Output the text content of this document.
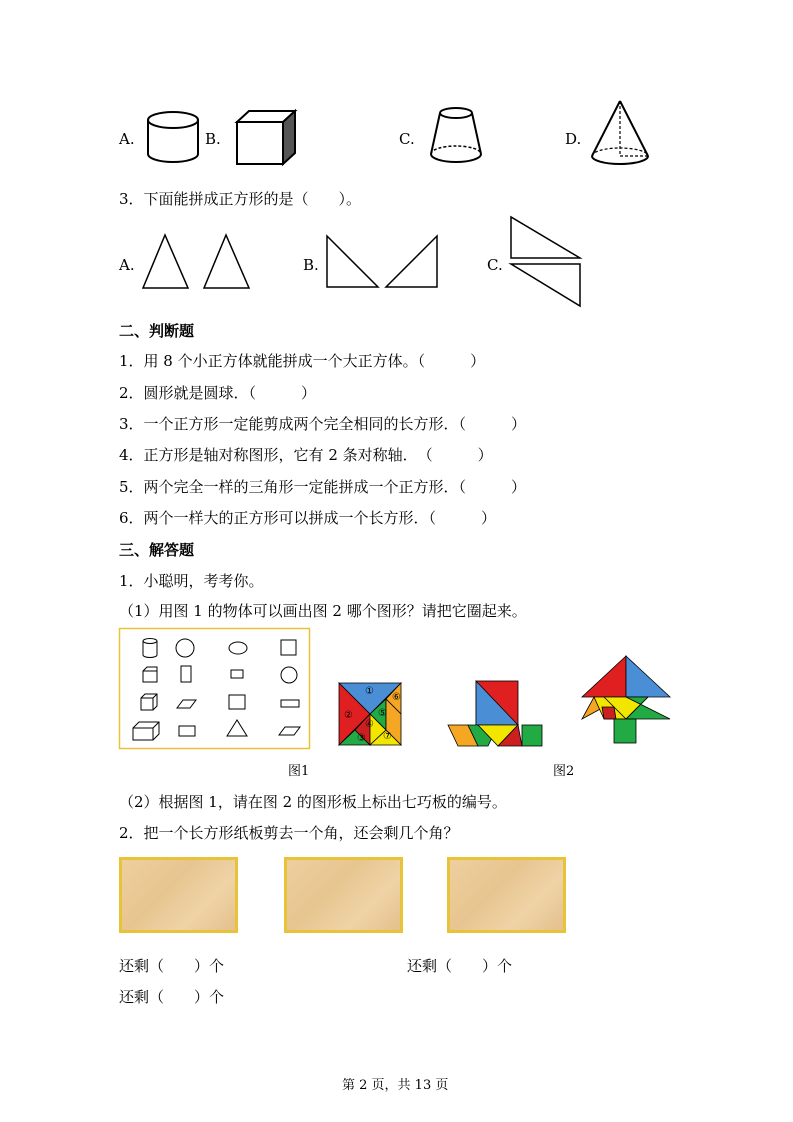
A.	B.	C.	D.
3．下面能拼成正方形的是（　　）。
A.	B.	C.
二、判断题
1．用 8 个小正方体就能拼成一个大正方体。（　　　）
2．圆形就是圆球．（　　　）
3．一个正方形一定能剪成两个完全相同的长方形．（　　　）
4．正方形是轴对称图形，它有 2 条对称轴．　（　　　）
5．两个完全一样的三角形一定能拼成一个正方形．（　　　）
6．两个一样大的正方形可以拼成一个长方形．（　　　）
三、解答题
1．小聪明，考考你。
（1）用图 1 的物体可以画出图 2 哪个图形？请把它圈起来。
①
②
③
④
⑤
⑥
⑦
图1	图2
（2）根据图 1，请在图 2 的图形板上标出七巧板的编号。
2．把一个长方形纸板剪去一个角，还会剩几个角？
还剩（　　）个	还剩（　　）个
还剩（　　）个
第 2 页，共 13 页
